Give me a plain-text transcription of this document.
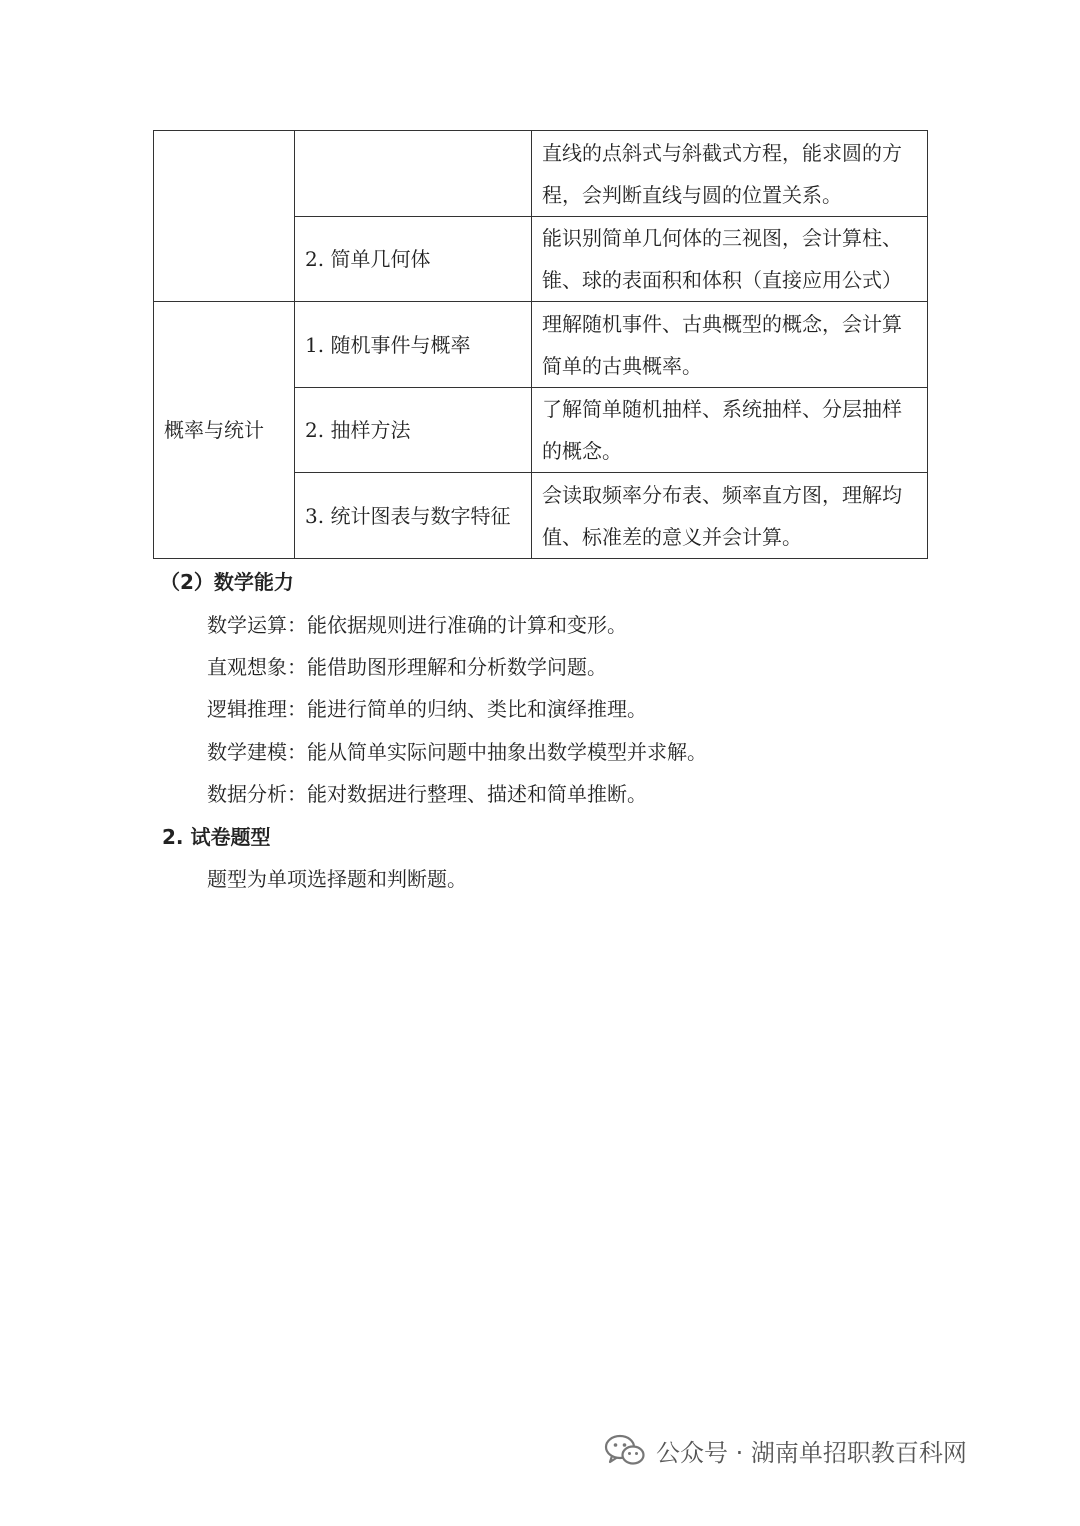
		直线的点斜式与斜截式方程，能求圆的方程，会判断直线与圆的位置关系。
	2. 简单几何体	能识别简单几何体的三视图，会计算柱、锥、球的表面积和体积（直接应用公式）
概率与统计	1. 随机事件与概率	理解随机事件、古典概型的概念，会计算简单的古典概率。
	2. 抽样方法	了解简单随机抽样、系统抽样、分层抽样的概念。
	3. 统计图表与数字特征	会读取频率分布表、频率直方图，理解均值、标准差的意义并会计算。
（2）数学能力
数学运算：能依据规则进行准确的计算和变形。
直观想象：能借助图形理解和分析数学问题。
逻辑推理：能进行简单的归纳、类比和演绎推理。
数学建模：能从简单实际问题中抽象出数学模型并求解。
数据分析：能对数据进行整理、描述和简单推断。
2. 试卷题型
题型为单项选择题和判断题。
公众号 · 湖南单招职教百科网
